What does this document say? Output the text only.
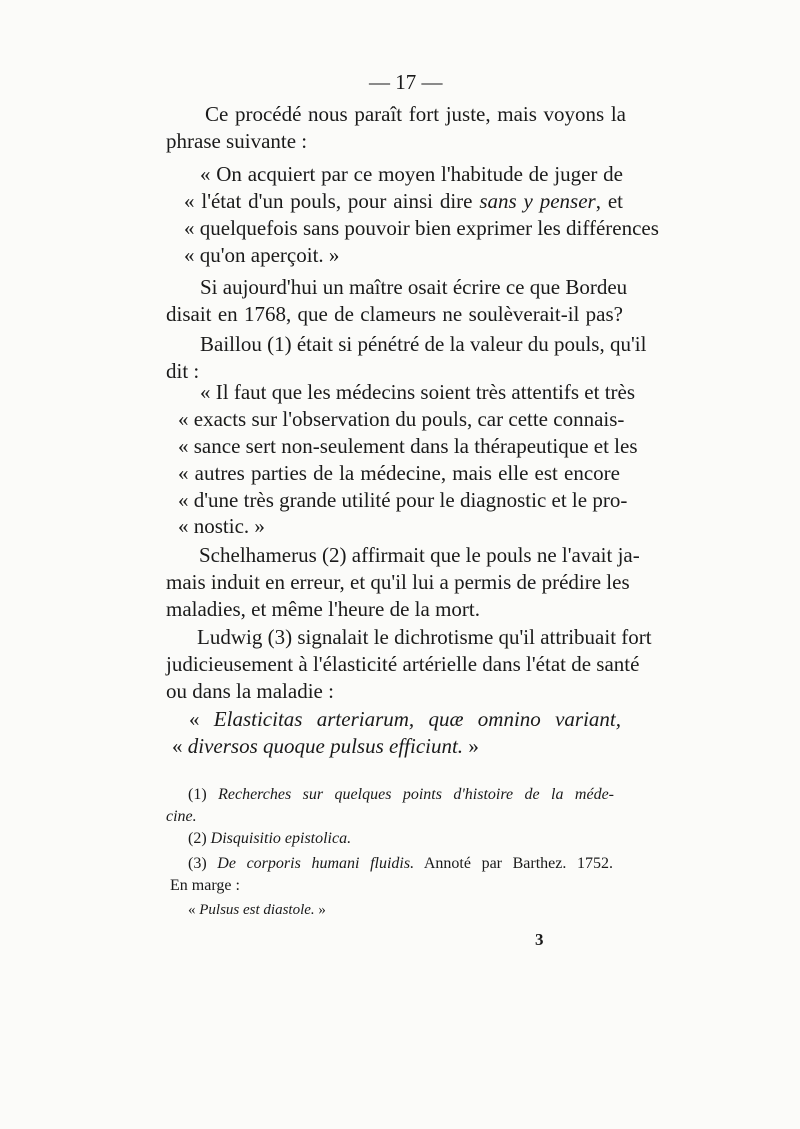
— 17 —
Ce procédé nous paraît fort juste, mais voyons la
phrase suivante :
« On acquiert par ce moyen l'habitude de juger de
« l'état d'un pouls, pour ainsi dire sans y penser, et
« quelquefois sans pouvoir bien exprimer les différences
« qu'on aperçoit. »
Si aujourd'hui un maître osait écrire ce que Bordeu
disait en 1768, que de clameurs ne soulèverait-il pas?
Baillou (1) était si pénétré de la valeur du pouls, qu'il
dit :
« Il faut que les médecins soient très attentifs et très
« exacts sur l'observation du pouls, car cette connais-
« sance sert non-seulement dans la thérapeutique et les
« autres parties de la médecine, mais elle est encore
« d'une très grande utilité pour le diagnostic et le pro-
« nostic. »
Schelhamerus (2) affirmait que le pouls ne l'avait ja-
mais induit en erreur, et qu'il lui a permis de prédire les
maladies, et même l'heure de la mort.
Ludwig (3) signalait le dichrotisme qu'il attribuait fort
judicieusement à l'élasticité artérielle dans l'état de santé
ou dans la maladie :
« Elasticitas arteriarum, quæ omnino variant,
« diversos quoque pulsus efficiunt. »
(1) Recherches sur quelques points d'histoire de la méde-
cine.
(2) Disquisitio epistolica.
(3) De corporis humani fluidis. Annoté par Barthez. 1752.
En marge :
« Pulsus est diastole. »
3
